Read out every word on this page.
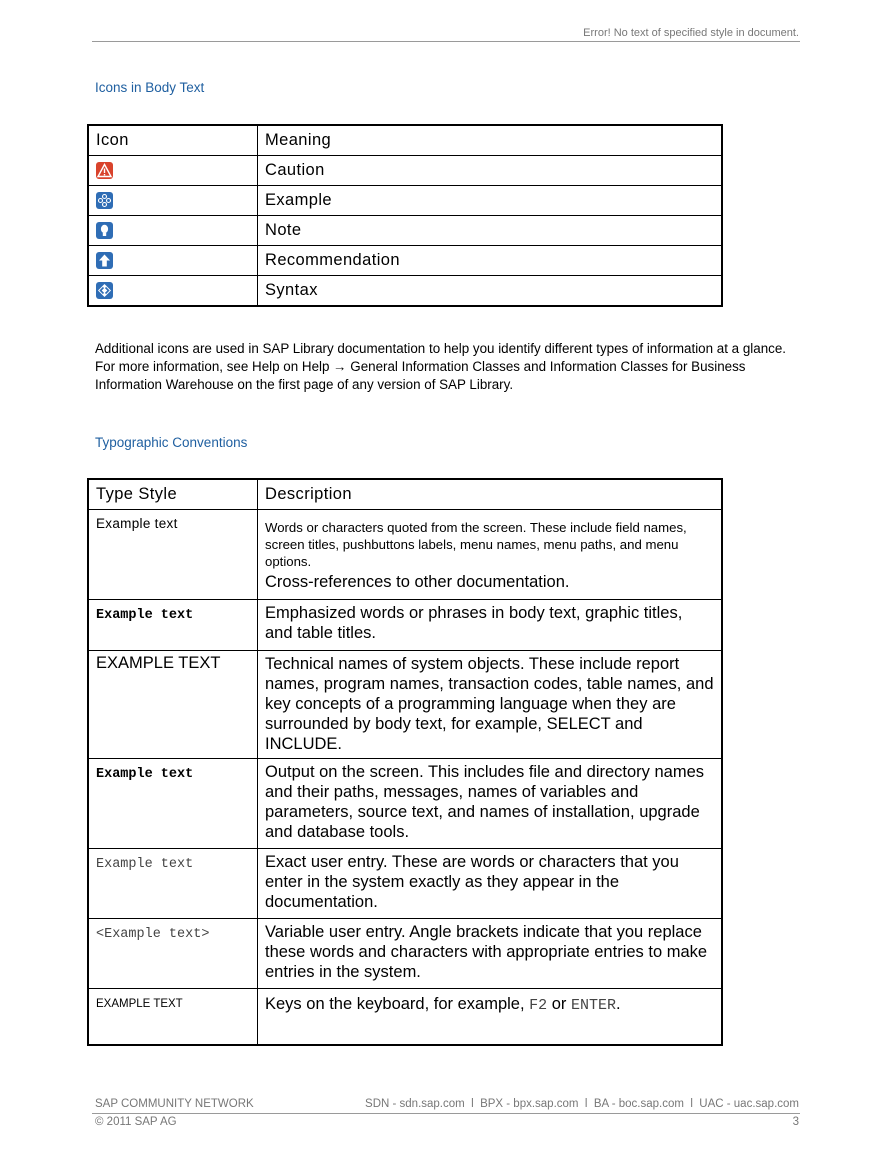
Error! No text of specified style in document.
Icons in Body Text
Icon	Meaning

	Caution

	Example

	Note

	Recommendation

	Syntax
Additional icons are used in SAP Library documentation to help you identify different types of information at a glance. For more information, see Help on Help → General Information Classes and Information Classes for Business Information Warehouse on the first page of any version of SAP Library.
Typographic Conventions
Type Style	Description
Example text	Words or characters quoted from the screen. These include field names, screen titles, pushbuttons labels, menu names, menu paths, and menu options.
Cross-references to other documentation.

Example text	Emphasized words or phrases in body text, graphic titles, and table titles.
EXAMPLE TEXT	Technical names of system objects. These include report names, program names, transaction codes, table names, and key concepts of a programming language when they are surrounded by body text, for example, SELECT and INCLUDE.
Example text	Output on the screen. This includes file and directory names and their paths, messages, names of variables and parameters, source text, and names of installation, upgrade and database tools.
Example text	Exact user entry. These are words or characters that you enter in the system exactly as they appear in the documentation.
<Example text>	Variable user entry. Angle brackets indicate that you replace these words and characters with appropriate entries to make entries in the system.
EXAMPLE TEXT	Keys on the keyboard, for example, F2 or ENTER.
SAP COMMUNITY NETWORK	SDN - sdn.sap.com  l  BPX - bpx.sap.com  l  BA - boc.sap.com  l  UAC - uac.sap.com
© 2011 SAP AG	3
